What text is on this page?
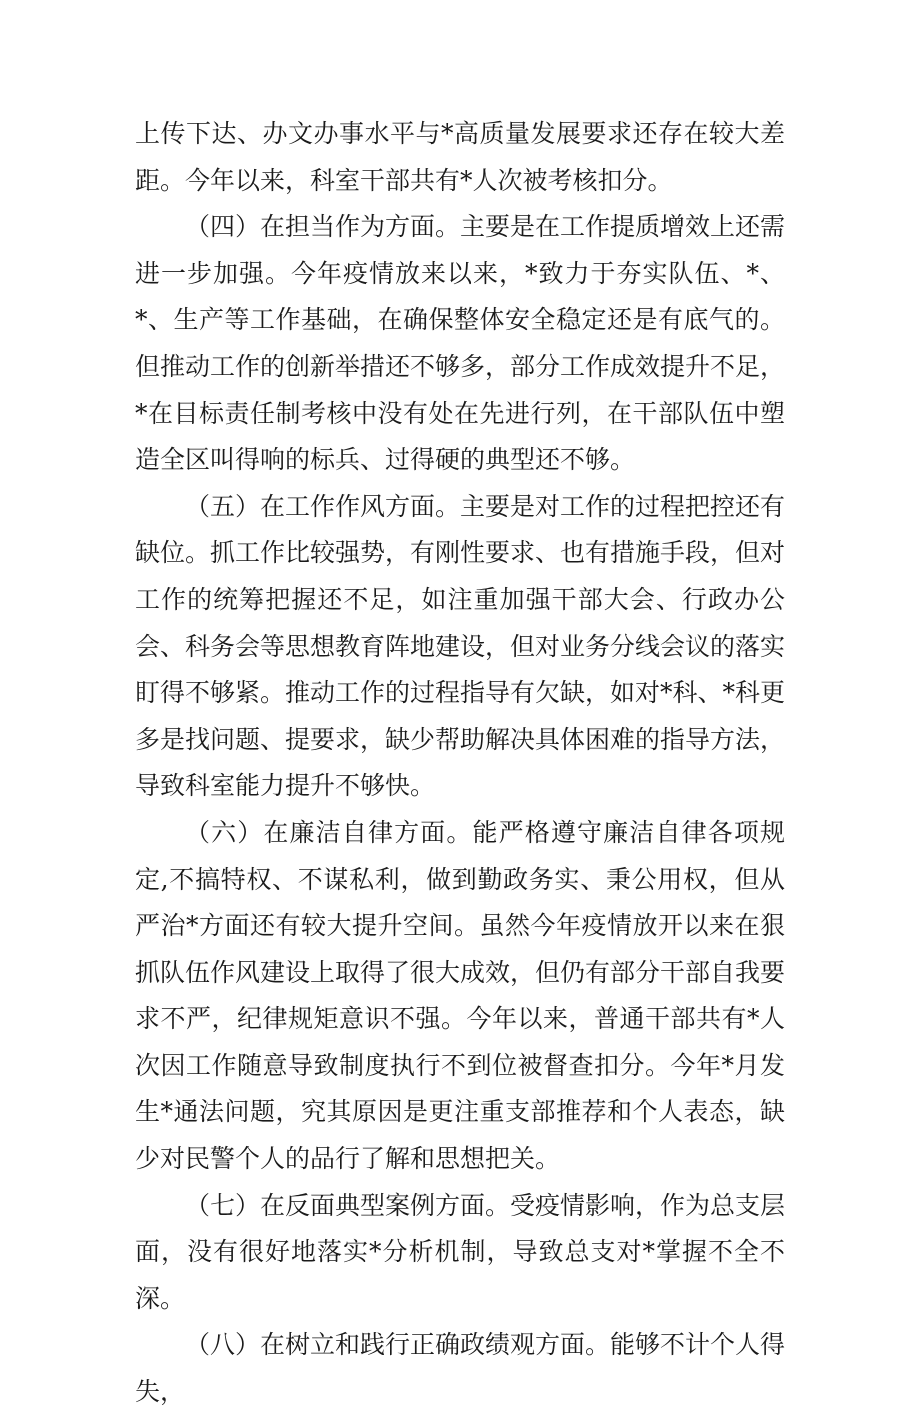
上传下达、办文办事水平与*高质量发展要求还存在较大差距。今年以来，科室干部共有*人次被考核扣分。

（四）在担当作为方面。主要是在工作提质增效上还需进一步加强。今年疫情放来以来，*致力于夯实队伍、*、*、生产等工作基础，在确保整体安全稳定还是有底气的。但推动工作的创新举措还不够多，部分工作成效提升不足，*在目标责任制考核中没有处在先进行列，在干部队伍中塑造全区叫得响的标兵、过得硬的典型还不够。

（五）在工作作风方面。主要是对工作的过程把控还有缺位。抓工作比较强势，有刚性要求、也有措施手段，但对工作的统筹把握还不足，如注重加强干部大会、行政办公会、科务会等思想教育阵地建设，但对业务分线会议的落实盯得不够紧。推动工作的过程指导有欠缺，如对*科、*科更多是找问题、提要求，缺少帮助解决具体困难的指导方法，导致科室能力提升不够快。

（六）在廉洁自律方面。能严格遵守廉洁自律各项规定,不搞特权、不谋私利，做到勤政务实、秉公用权，但从严治*方面还有较大提升空间。虽然今年疫情放开以来在狠抓队伍作风建设上取得了很大成效，但仍有部分干部自我要求不严，纪律规矩意识不强。今年以来，普通干部共有*人次因工作随意导致制度执行不到位被督查扣分。今年*月发生*通法问题，究其原因是更注重支部推荐和个人表态，缺少对民警个人的品行了解和思想把关。

（七）在反面典型案例方面。受疫情影响，作为总支层面，没有很好地落实*分析机制，导致总支对*掌握不全不深。

（八）在树立和践行正确政绩观方面。能够不计个人得失，
